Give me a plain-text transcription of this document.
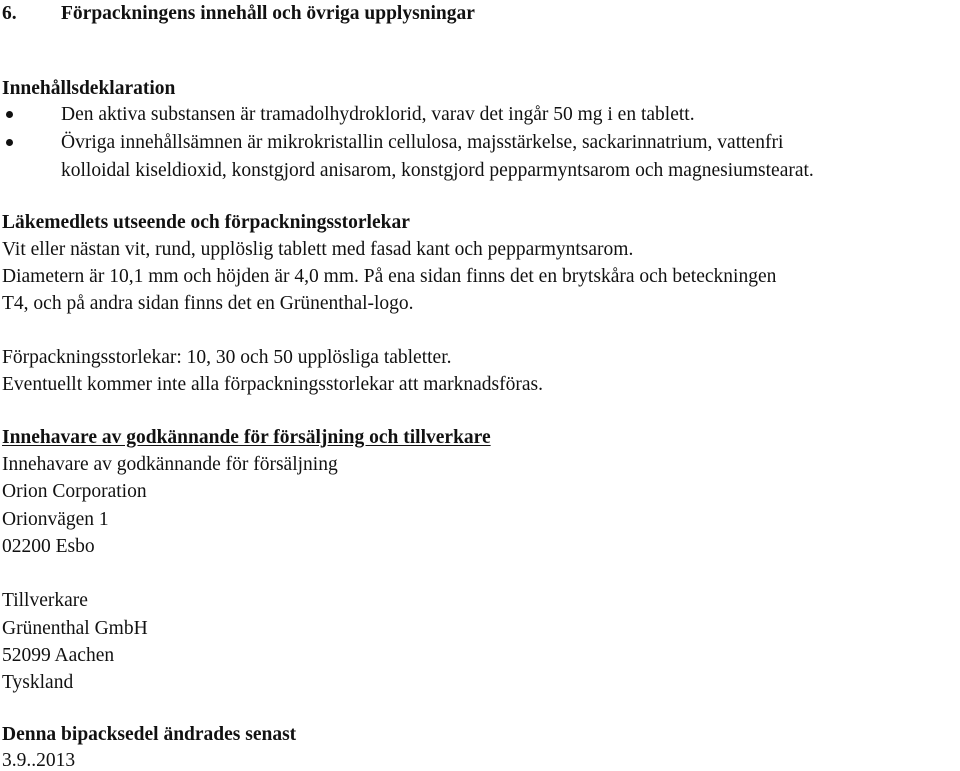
6. Förpackningens innehåll och övriga upplysningar
Innehållsdeklaration
Den aktiva substansen är tramadolhydroklorid, varav det ingår 50 mg i en tablett.
Övriga innehållsämnen är mikrokristallin cellulosa, majsstärkelse, sackarinnatrium, vattenfri
kolloidal kiseldioxid, konstgjord anisarom, konstgjord pepparmyntsarom och magnesiumstearat.
Läkemedlets utseende och förpackningsstorlekar
Vit eller nästan vit, rund, upplöslig tablett med fasad kant och pepparmyntsarom.
Diametern är 10,1 mm och höjden är 4,0 mm. På ena sidan finns det en brytskåra och beteckningen
T4, och på andra sidan finns det en Grünenthal-logo.
Förpackningsstorlekar: 10, 30 och 50 upplösliga tabletter.
Eventuellt kommer inte alla förpackningsstorlekar att marknadsföras.
Innehavare av godkännande för försäljning och tillverkare
Innehavare av godkännande för försäljning
Orion Corporation
Orionvägen 1
02200 Esbo
Tillverkare
Grünenthal GmbH
52099 Aachen
Tyskland
Denna bipacksedel ändrades senast
3.9..2013
